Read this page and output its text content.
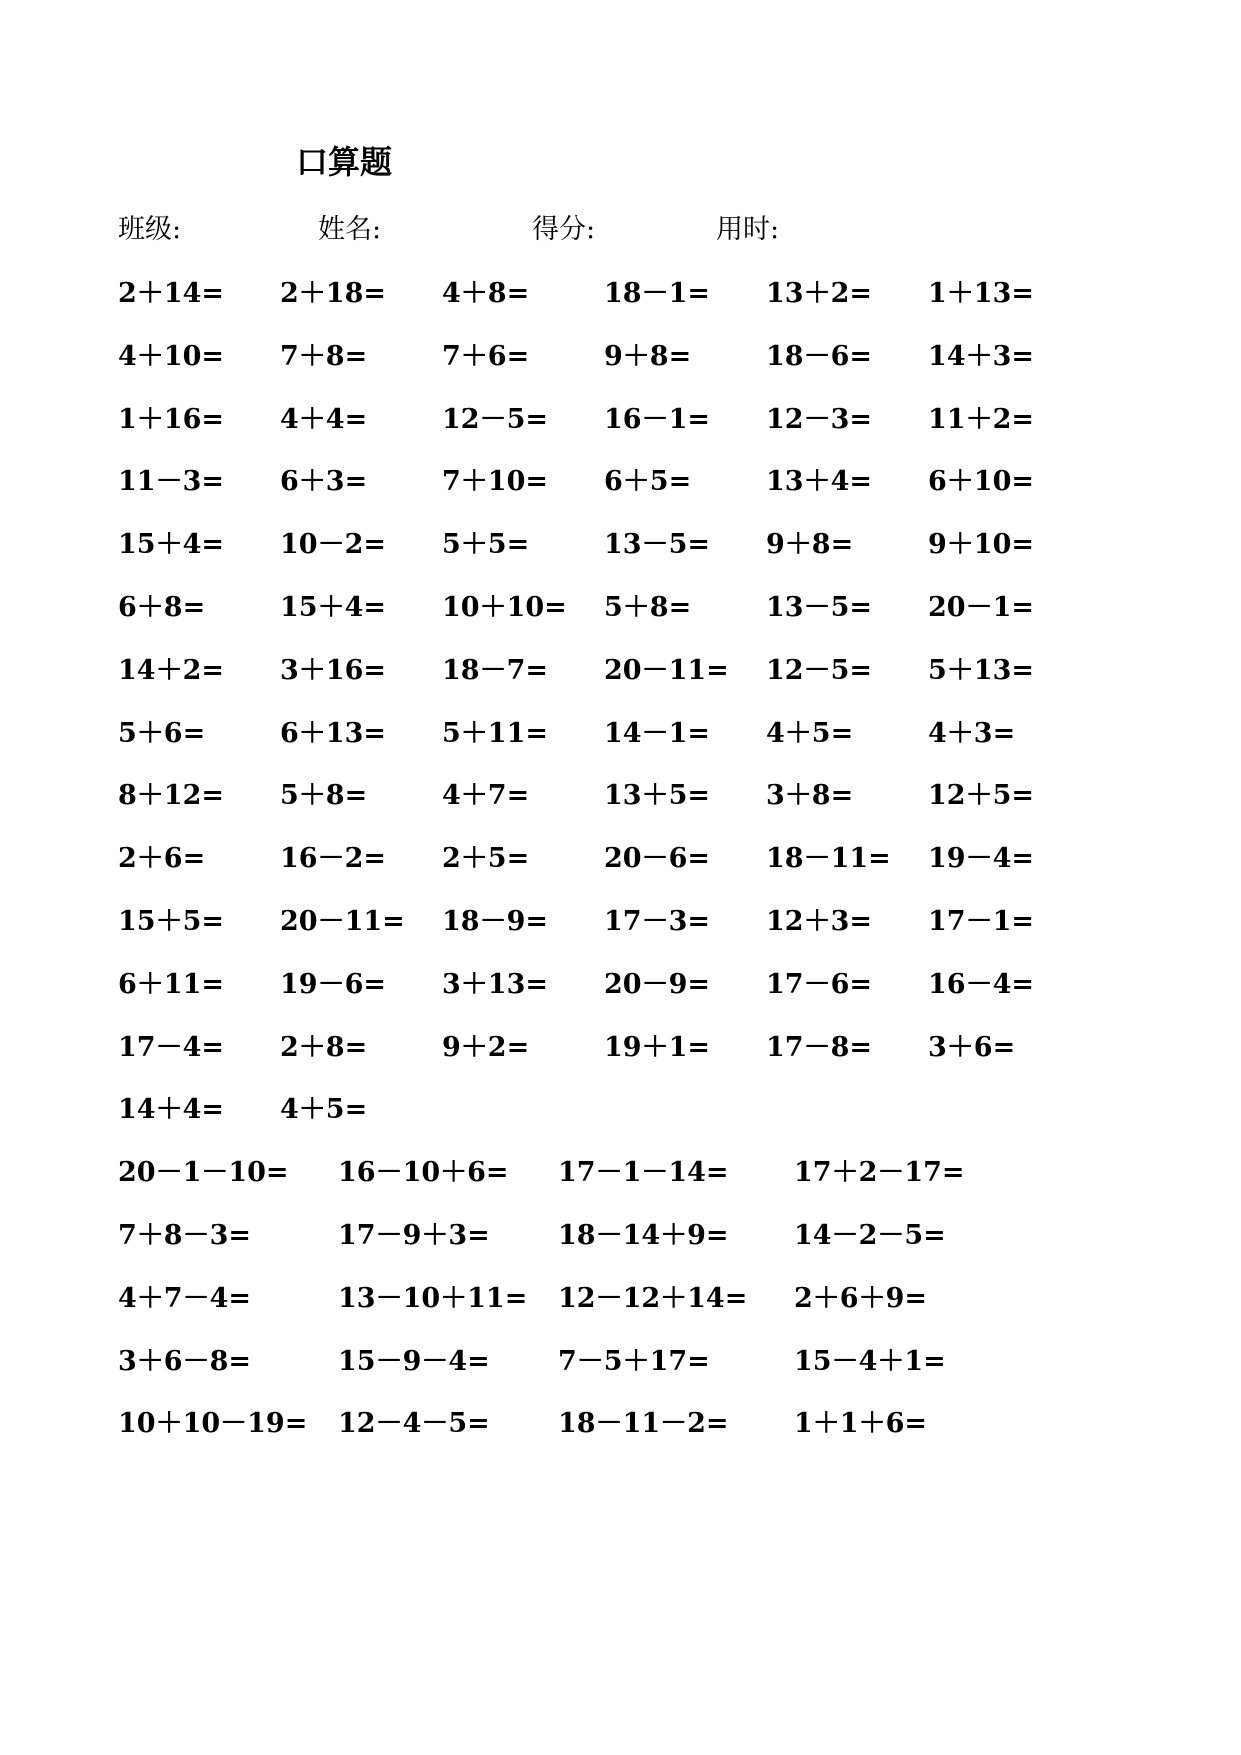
口算题
班级:	姓名:	得分:	用时:
2＋14= 2＋18= 4＋8=	18－1= 13＋2= 1＋13=
4＋10= 7＋8=	7＋6=	9＋8=	18－6= 14＋3=
1＋16= 4＋4=	12－5= 16－1= 12－3= 11＋2=
11－3= 6＋3=	7＋10= 6＋5=	13＋4= 6＋10=
15＋4= 10－2= 5＋5=	13－5= 9＋8=	9＋10=
6＋8=	15＋4= 10＋10= 5＋8=	13－5= 20－1=
14＋2= 3＋16= 18－7= 20－11= 12－5= 5＋13=
5＋6=	6＋13= 5＋11= 14－1= 4＋5=	4＋3=
8＋12= 5＋8=	4＋7=	13＋5= 3＋8=	12＋5=
2＋6=	16－2= 2＋5=	20－6= 18－11= 19－4=
15＋5= 20－11= 18－9= 17－3= 12＋3= 17－1=
6＋11= 19－6= 3＋13= 20－9= 17－6= 16－4=
17－4= 2＋8=	9＋2=	19＋1= 17－8= 3＋6=
14＋4= 4＋5=
20－1－10= 16－10＋6= 17－1－14= 17＋2－17=
7＋8－3=	17－9＋3=	18－14＋9= 14－2－5=
4＋7－4=	13－10＋11= 12－12＋14= 2＋6＋9=
3＋6－8=	15－9－4=	7－5＋17=	15－4＋1=
10＋10－19= 12－4－5=	18－11－2= 1＋1＋6=
